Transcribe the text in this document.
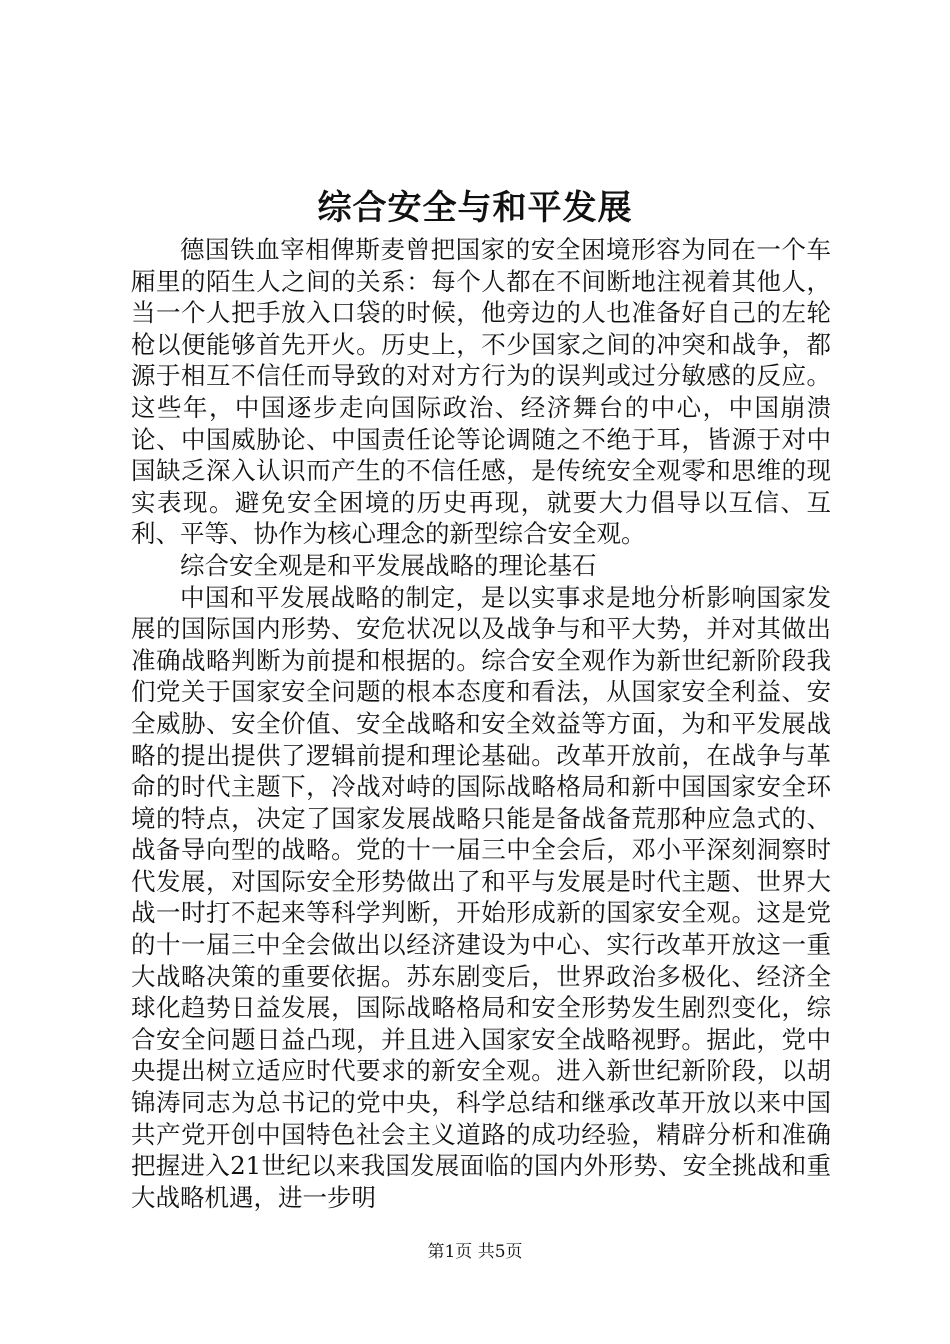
综合安全与和平发展

德国铁血宰相俾斯麦曾把国家的安全困境形容为同在一个车厢里的陌生人之间的关系：每个人都在不间断地注视着其他人，当一个人把手放入口袋的时候，他旁边的人也准备好自己的左轮枪以便能够首先开火。历史上，不少国家之间的冲突和战争，都源于相互不信任而导致的对对方行为的误判或过分敏感的反应。这些年，中国逐步走向国际政治、经济舞台的中心，中国崩溃论、中国威胁论、中国责任论等论调随之不绝于耳，皆源于对中国缺乏深入认识而产生的不信任感，是传统安全观零和思维的现实表现。避免安全困境的历史再现，就要大力倡导以互信、互利、平等、协作为核心理念的新型综合安全观。

综合安全观是和平发展战略的理论基石

中国和平发展战略的制定，是以实事求是地分析影响国家发展的国际国内形势、安危状况以及战争与和平大势，并对其做出准确战略判断为前提和根据的。综合安全观作为新世纪新阶段我们党关于国家安全问题的根本态度和看法，从国家安全利益、安全威胁、安全价值、安全战略和安全效益等方面，为和平发展战略的提出提供了逻辑前提和理论基础。改革开放前，在战争与革命的时代主题下，冷战对峙的国际战略格局和新中国国家安全环境的特点，决定了国家发展战略只能是备战备荒那种应急式的、战备导向型的战略。党的十一届三中全会后，邓小平深刻洞察时代发展，对国际安全形势做出了和平与发展是时代主题、世界大战一时打不起来等科学判断，开始形成新的国家安全观。这是党的十一届三中全会做出以经济建设为中心、实行改革开放这一重大战略决策的重要依据。苏东剧变后，世界政治多极化、经济全球化趋势日益发展，国际战略格局和安全形势发生剧烈变化，综合安全问题日益凸现，并且进入国家安全战略视野。据此，党中央提出树立适应时代要求的新安全观。进入新世纪新阶段，以胡锦涛同志为总书记的党中央，科学总结和继承改革开放以来中国共产党开创中国特色社会主义道路的成功经验，精辟分析和准确把握进入21世纪以来我国发展面临的国内外形势、安全挑战和重大战略机遇，进一步明

第1页 共5页
